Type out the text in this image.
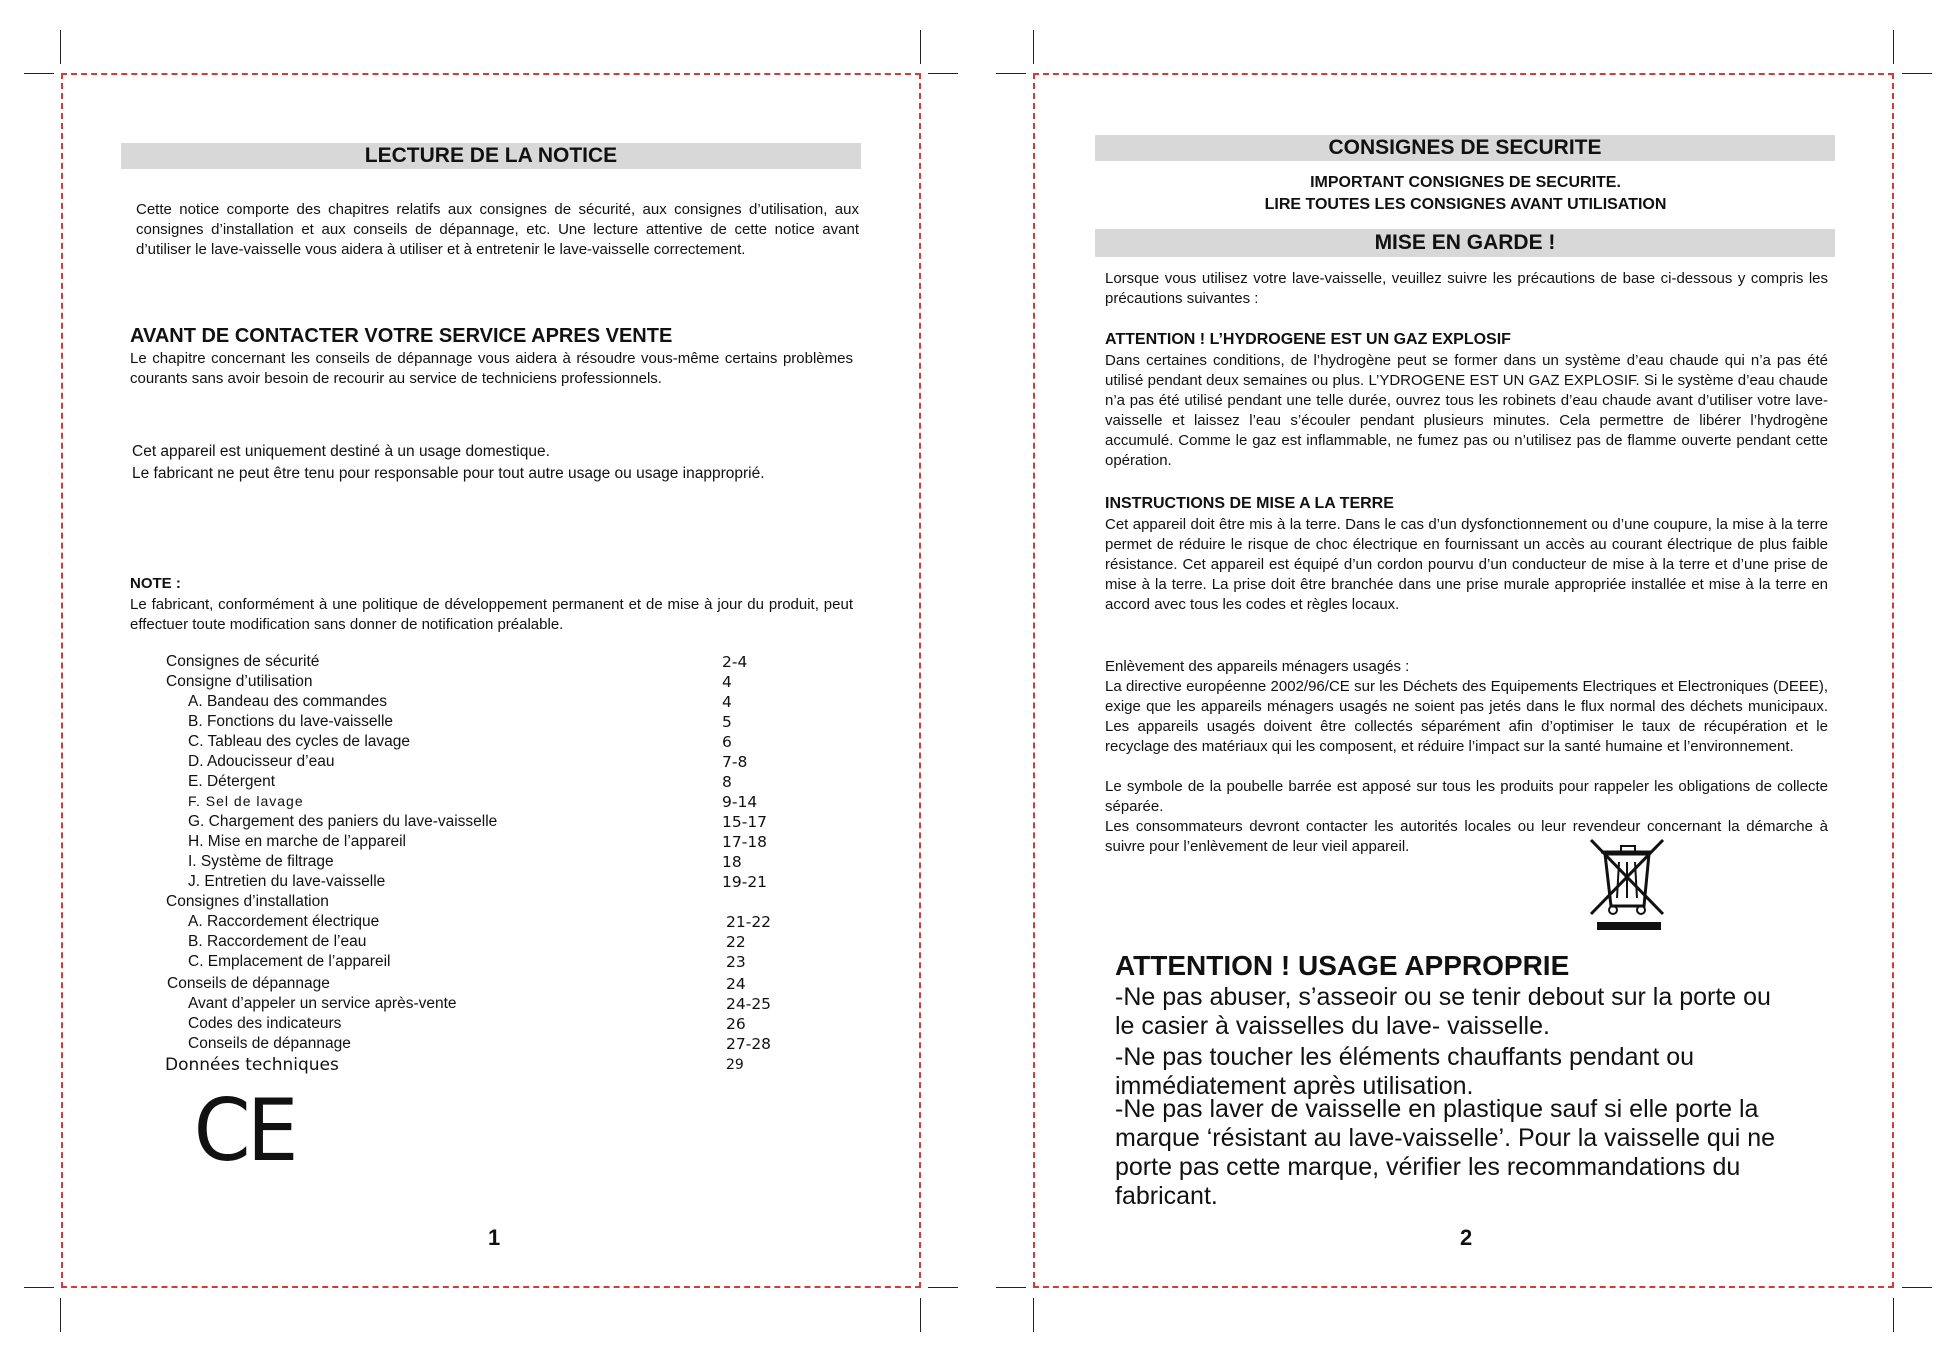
LECTURE DE LA NOTICE
Cette notice comporte des chapitres relatifs aux consignes de sécurité, aux consignes d’utilisation, aux consignes d’installation et aux conseils de dépannage, etc. Une lecture attentive de cette notice avant d’utiliser le lave-vaisselle vous aidera à utiliser et à entretenir le lave-vaisselle correctement.
AVANT DE CONTACTER VOTRE SERVICE APRES VENTE
Le chapitre concernant les conseils de dépannage vous aidera à résoudre vous-même certains problèmes courants sans avoir besoin de recourir au service de techniciens professionnels.
Cet appareil est uniquement destiné à un usage domestique.
Le fabricant ne peut être tenu pour responsable pour tout autre usage ou usage inapproprié.
NOTE :
Le fabricant, conformément à une politique de développement permanent et de mise à jour du produit, peut effectuer toute modification sans donner de notification préalable.
Consignes de sécurité	2-4
Consigne d’utilisation	4
A. Bandeau des commandes	4
B. Fonctions du lave-vaisselle	5
C. Tableau des cycles de lavage	6
D. Adoucisseur d’eau	7-8
E. Détergent	8
F. Sel de lavage	9-14
G. Chargement des paniers du lave-vaisselle	15-17
H. Mise en marche de l’appareil	17-18
I. Système de filtrage	18
J. Entretien du lave-vaisselle	19-21
Consignes d’installation
A. Raccordement électrique	21-22
B. Raccordement de l’eau	22
C. Emplacement de l’appareil	23
Conseils de dépannage	24
Avant d’appeler un service après-vente	24-25
Codes des indicateurs	26
Conseils de dépannage	27-28
Données techniques	29
CE
1
CONSIGNES DE SECURITE
IMPORTANT CONSIGNES DE SECURITE.
LIRE TOUTES LES CONSIGNES AVANT UTILISATION
MISE EN GARDE !
Lorsque vous utilisez votre lave-vaisselle, veuillez suivre les précautions de base ci-dessous y compris les précautions suivantes :
ATTENTION ! L’HYDROGENE EST UN GAZ EXPLOSIF
Dans certaines conditions, de l’hydrogène peut se former dans un système d’eau chaude qui n’a pas été utilisé pendant deux semaines ou plus. L’YDROGENE EST UN GAZ EXPLOSIF. Si le système d’eau chaude n’a pas été utilisé pendant une telle durée, ouvrez tous les robinets d’eau chaude avant d’utiliser votre lave-vaisselle et laissez l’eau s’écouler pendant plusieurs minutes. Cela permettre de libérer l’hydrogène accumulé. Comme le gaz est inflammable, ne fumez pas ou n’utilisez pas de flamme ouverte pendant cette opération.
INSTRUCTIONS DE MISE A LA TERRE
Cet appareil doit être mis à la terre. Dans le cas d’un dysfonctionnement ou d’une coupure, la mise à la terre permet de réduire le risque de choc électrique en fournissant un accès au courant électrique de plus faible résistance. Cet appareil est équipé d’un cordon pourvu d’un conducteur de mise à la terre et d’une prise de mise à la terre. La prise doit être branchée dans une prise murale appropriée installée et mise à la terre en accord avec tous les codes et règles locaux.
Enlèvement des appareils ménagers usagés :
La directive européenne 2002/96/CE sur les Déchets des Equipements Electriques et Electroniques (DEEE), exige que les appareils ménagers usagés ne soient pas jetés dans le flux normal des déchets municipaux. Les appareils usagés doivent être collectés séparément afin d’optimiser le taux de récupération et le recyclage des matériaux qui les composent, et réduire l’impact sur la santé humaine et l’environnement.
Le symbole de la poubelle barrée est apposé sur tous les produits pour rappeler les obligations de collecte séparée.
Les consommateurs devront contacter les autorités locales ou leur revendeur concernant la démarche à suivre pour l’enlèvement de leur vieil appareil.
ATTENTION ! USAGE APPROPRIE
-Ne pas abuser, s’asseoir ou se tenir debout sur la porte ou le casier à vaisselles du lave- vaisselle.
-Ne pas toucher les éléments chauffants pendant ou immédiatement après utilisation.
-Ne pas laver de vaisselle en plastique sauf si elle porte la marque ‘résistant au lave-vaisselle’. Pour la vaisselle qui ne porte pas cette marque, vérifier les recommandations du fabricant.
2
